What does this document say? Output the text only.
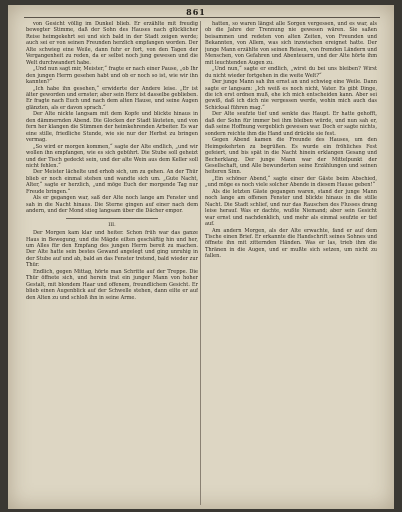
861

von Gesicht völlig im Dunkel blieb. Er erzählte mit freudig bewegter Stimme, daß der Sohn des Hauses nach glücklicher Reise heimgekehrt sei und sich bald in der Stadt zeigen werde; auch sei er von seinen Freunden herzlich empfangen worden. Der Alte schwieg eine Weile, dann fuhr er fort, von den Tagen der Vergangenheit zu reden, da er selbst noch jung gewesen und die Welt durchwandert habe.

„Und nun sagt mir, Meister,“ fragte er nach einer Pause, „ob Ihr den jungen Herrn gesehen habt und ob er noch so ist, wie wir ihn kannten?“

„Ich habe ihn gesehen,“ erwiderte der Andere leise. „Er ist älter geworden und ernster; aber sein Herz ist dasselbe geblieben. Er fragte nach Euch und nach dem alten Hause, und seine Augen glänzten, als er davon sprach.“

Der Alte nickte langsam mit dem Kopfe und blickte hinaus in den dämmernden Abend. Die Glocken der Stadt läuteten, und von fern her klangen die Stimmen der heimkehrenden Arbeiter. Es war eine stille, friedliche Stunde, wie sie nur der Herbst zu bringen vermag.

„So wird er morgen kommen,“ sagte der Alte endlich, „und wir wollen ihn empfangen, wie es sich gebührt. Die Stube soll geheizt und der Tisch gedeckt sein, und der alte Wein aus dem Keller soll nicht fehlen.“

Der Meister lächelte und erhob sich, um zu gehen. An der Thür blieb er noch einmal stehen und wandte sich um. „Gute Nacht, Alter,“ sagte er herzlich, „und möge Euch der morgende Tag nur Freude bringen.“

Als er gegangen war, saß der Alte noch lange am Fenster und sah in die Nacht hinaus. Die Sterne gingen auf einer nach dem andern, und der Mond stieg langsam über die Dächer empor.

III.

Der Morgen kam klar und heiter. Schon früh war das ganze Haus in Bewegung, und die Mägde eilten geschäftig hin und her, um Alles für den Empfang des jungen Herrn bereit zu machen. Der Alte hatte sein bestes Gewand angelegt und ging unruhig in der Stube auf und ab, bald an das Fenster tretend, bald wieder zur Thür.

Endlich, gegen Mittag, hörte man Schritte auf der Treppe. Die Thür öffnete sich, und herein trat ein junger Mann von hoher Gestalt, mit blondem Haar und offenem, freundlichem Gesicht. Er blieb einen Augenblick auf der Schwelle stehen, dann eilte er auf den Alten zu und schloß ihn in seine Arme.

hatten, so waren längst alle Sorgen vergessen, und es war, als ob die Jahre der Trennung nie gewesen wären. Sie saßen beisammen und redeten von alten Zeiten, von Freunden und Bekannten, von Allem, was sich inzwischen ereignet hatte. Der junge Mann erzählte von seinen Reisen, von fremden Ländern und Menschen, von Gefahren und Abenteuern, und der Alte hörte ihm mit leuchtenden Augen zu.

„Und nun,“ sagte er endlich, „wirst du bei uns bleiben? Wirst du nicht wieder fortgehen in die weite Welt?“

Der junge Mann sah ihn ernst an und schwieg eine Weile. Dann sagte er langsam: „Ich weiß es noch nicht, Vater. Es gibt Dinge, die ich erst ordnen muß, ehe ich mich entscheiden kann. Aber sei gewiß, daß ich dich nie vergessen werde, wohin mich auch das Schicksal führen mag.“

Der Alte seufzte tief und senkte das Haupt. Er hatte gehofft, daß der Sohn für immer bei ihm bleiben würde, und nun sah er, daß seine Hoffnung vergeblich gewesen war. Doch er sagte nichts, sondern reichte ihm die Hand und drückte sie fest.

Gegen Abend kamen die Freunde des Hauses, um den Heimgekehrten zu begrüßen. Es wurde ein fröhliches Fest gefeiert, und bis spät in die Nacht hinein erklangen Gesang und Becherklang. Der junge Mann war der Mittelpunkt der Gesellschaft, und Alle bewunderten seine Erzählungen und seinen heiteren Sinn.

„Ein schöner Abend,“ sagte einer der Gäste beim Abschied, „und möge es noch viele solcher Abende in diesem Hause geben!“

Als die letzten Gäste gegangen waren, stand der junge Mann noch lange am offenen Fenster und blickte hinaus in die stille Nacht. Die Stadt schlief, und nur das Rauschen des Flusses drang leise herauf. Was er dachte, wußte Niemand; aber sein Gesicht war ernst und nachdenklich, und mehr als einmal seufzte er tief auf.

Am andern Morgen, als der Alte erwachte, fand er auf dem Tische einen Brief. Er erkannte die Handschrift seines Sohnes und öffnete ihn mit zitternden Händen. Was er las, trieb ihm die Thränen in die Augen, und er mußte sich setzen, um nicht zu fallen.
